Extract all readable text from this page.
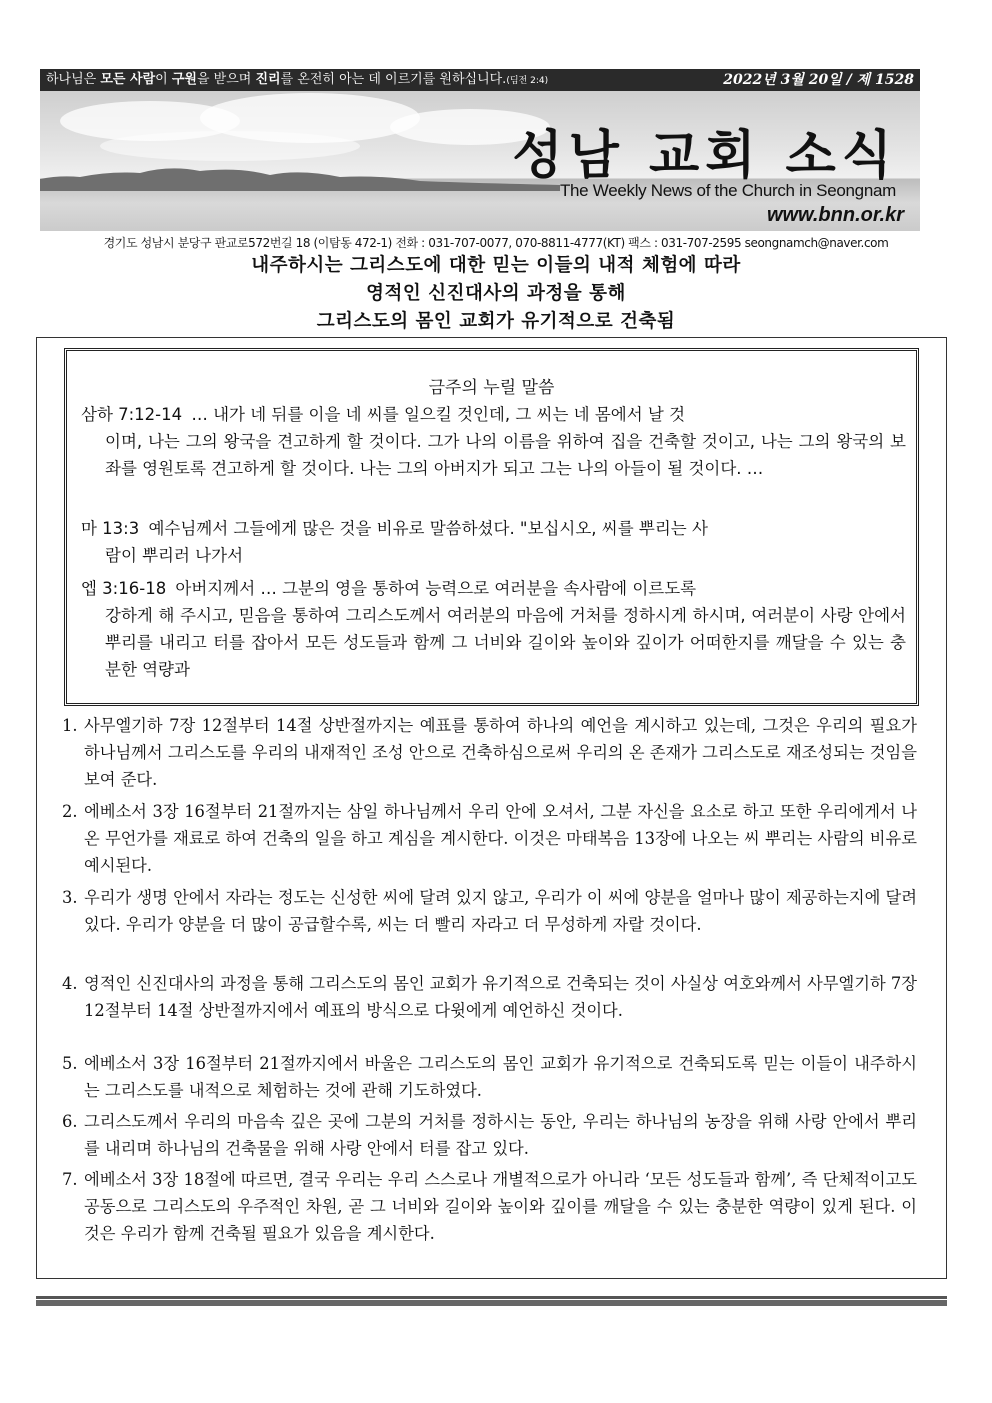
하나님은 모든 사람이 구원을 받으며 진리를 온전히 아는 데 이르기를 원하십니다.(딤전 2:4)	2022년 3월 20일 / 제 1528
성남 교회 소식
The Weekly News of the Church in Seongnam
www.bnn.or.kr
경기도 성남시 분당구 판교로572번길 18 (이탐동 472-1) 전화 : 031-707-0077, 070-8811-4777(KT) 팩스 : 031-707-2595 seongnamch@naver.com
내주하시는 그리스도에 대한 믿는 이들의 내적 체험에 따라
영적인 신진대사의 과정을 통해
그리스도의 몸인 교회가 유기적으로 건축됨
금주의 누릴 말씀
삼하 7:12-14 … 내가 네 뒤를 이을 네 씨를 일으킬 것인데, 그 씨는 네 몸에서 날 것
이며, 나는 그의 왕국을 견고하게 할 것이다. 그가 나의 이름을 위하여 집을 건축할 것이고, 나는 그의 왕국의 보좌를 영원토록 견고하게 할 것이다. 나는 그의 아버지가 되고 그는 나의 아들이 될 것이다. …
마 13:3 예수님께서 그들에게 많은 것을 비유로 말씀하셨다. "보십시오, 씨를 뿌리는 사
람이 뿌리러 나가서
엡 3:16-18 아버지께서 … 그분의 영을 통하여 능력으로 여러분을 속사람에 이르도록
강하게 해 주시고, 믿음을 통하여 그리스도께서 여러분의 마음에 거처를 정하시게 하시며, 여러분이 사랑 안에서 뿌리를 내리고 터를 잡아서 모든 성도들과 함께 그 너비와 길이와 높이와 깊이가 어떠한지를 깨달을 수 있는 충분한 역량과
1. 사무엘기하 7장 12절부터 14절 상반절까지는 예표를 통하여 하나의 예언을 계시하고 있는데, 그것은 우리의 필요가 하나님께서 그리스도를 우리의 내재적인 조성 안으로 건축하심으로써 우리의 온 존재가 그리스도로 재조성되는 것임을 보여 준다.
2. 에베소서 3장 16절부터 21절까지는 삼일 하나님께서 우리 안에 오셔서, 그분 자신을 요소로 하고 또한 우리에게서 나온 무언가를 재료로 하여 건축의 일을 하고 계심을 계시한다. 이것은 마태복음 13장에 나오는 씨 뿌리는 사람의 비유로 예시된다.
3. 우리가 생명 안에서 자라는 정도는 신성한 씨에 달려 있지 않고, 우리가 이 씨에 양분을 얼마나 많이 제공하는지에 달려 있다. 우리가 양분을 더 많이 공급할수록, 씨는 더 빨리 자라고 더 무성하게 자랄 것이다.
4. 영적인 신진대사의 과정을 통해 그리스도의 몸인 교회가 유기적으로 건축되는 것이 사실상 여호와께서 사무엘기하 7장 12절부터 14절 상반절까지에서 예표의 방식으로 다윗에게 예언하신 것이다.
5. 에베소서 3장 16절부터 21절까지에서 바울은 그리스도의 몸인 교회가 유기적으로 건축되도록 믿는 이들이 내주하시는 그리스도를 내적으로 체험하는 것에 관해 기도하였다.
6. 그리스도께서 우리의 마음속 깊은 곳에 그분의 거처를 정하시는 동안, 우리는 하나님의 농장을 위해 사랑 안에서 뿌리를 내리며 하나님의 건축물을 위해 사랑 안에서 터를 잡고 있다.
7. 에베소서 3장 18절에 따르면, 결국 우리는 우리 스스로나 개별적으로가 아니라 ‘모든 성도들과 함께’, 즉 단체적이고도 공동으로 그리스도의 우주적인 차원, 곧 그 너비와 길이와 높이와 깊이를 깨달을 수 있는 충분한 역량이 있게 된다. 이것은 우리가 함께 건축될 필요가 있음을 계시한다.
